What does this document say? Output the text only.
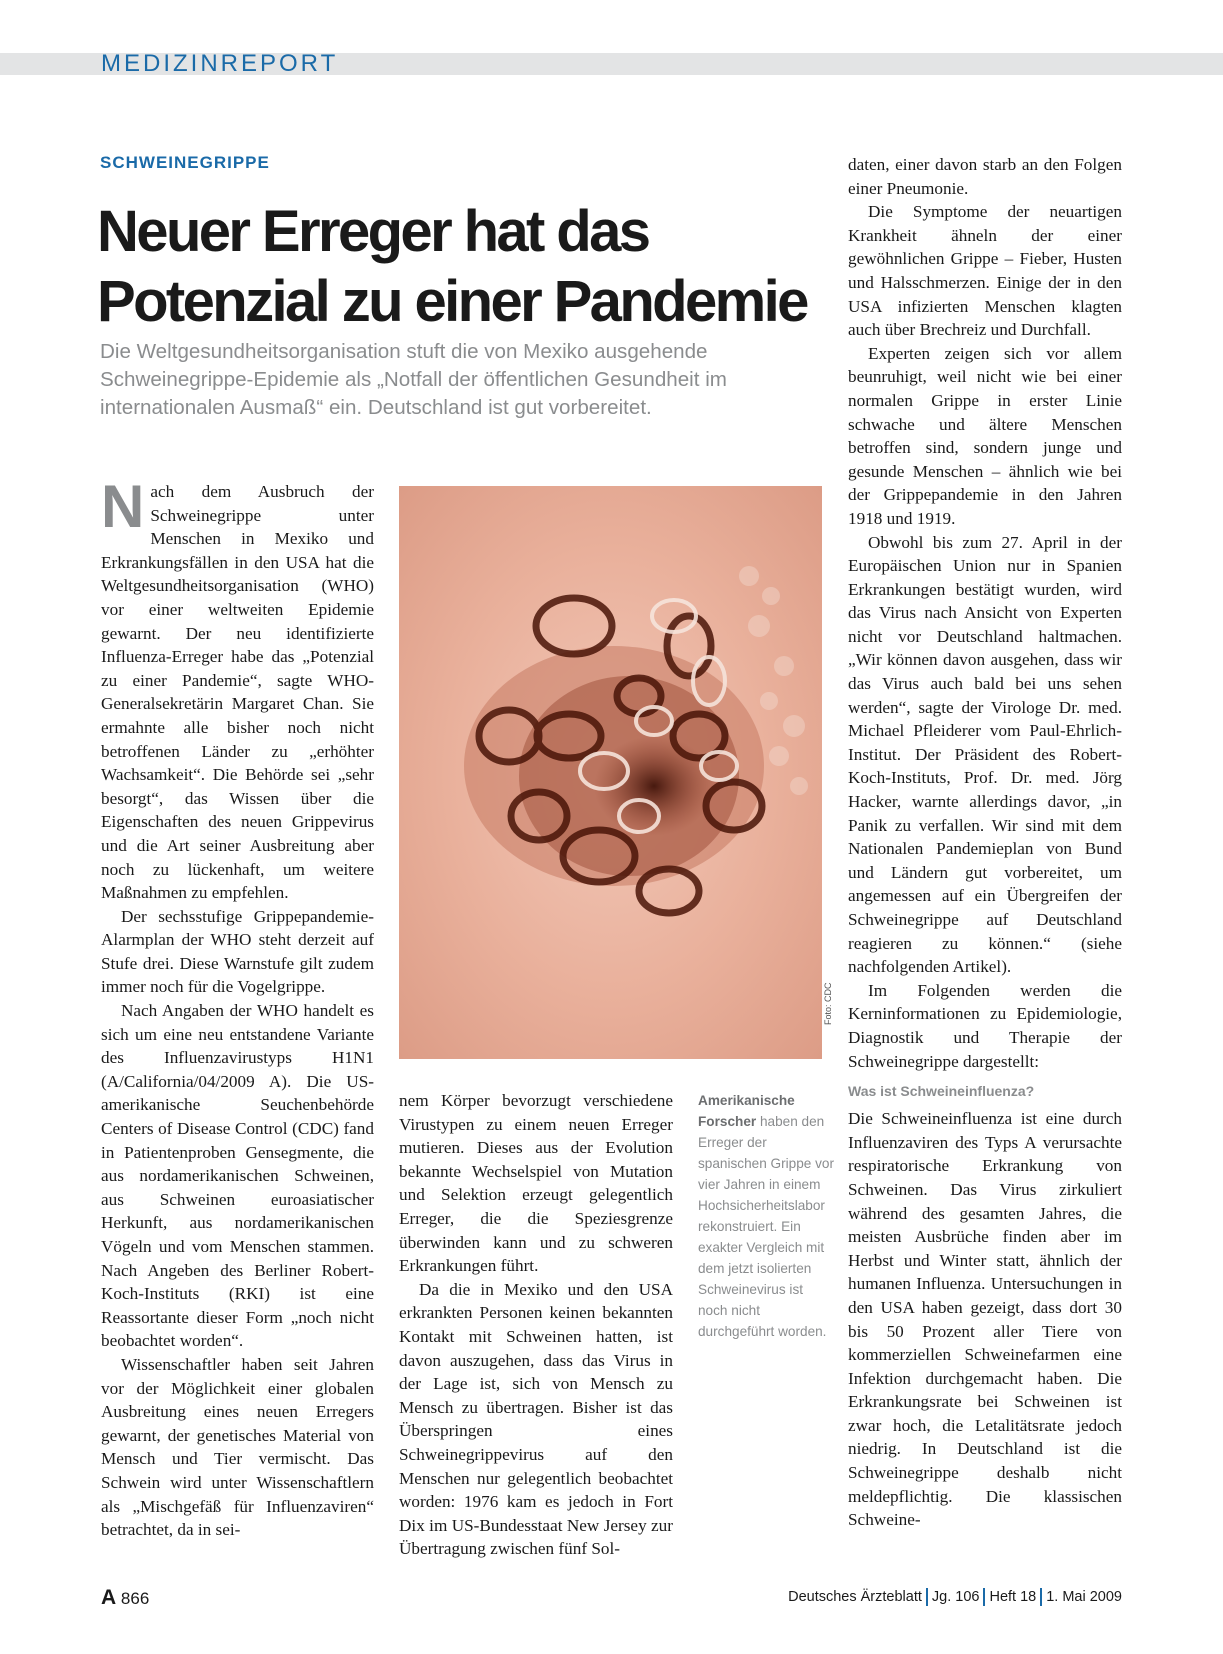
MEDIZINREPORT
SCHWEINEGRIPPE
Neuer Erreger hat das Potenzial zu einer Pandemie
Die Weltgesundheitsorganisation stuft die von Mexiko ausgehende Schweinegrippe-Epidemie als „Notfall der öffentlichen Gesundheit im internationalen Ausmaß“ ein. Deutschland ist gut vorbereitet.

Nach dem Ausbruch der Schweinegrippe unter Menschen in Mexiko und Erkrankungsfällen in den USA hat die Weltgesundheitsorganisation (WHO) vor einer weltweiten Epidemie gewarnt. Der neu identifizierte Influenza-Erreger habe das „Potenzial zu einer Pandemie“, sagte WHO-Generalsekretärin Margaret Chan. Sie ermahnte alle bisher noch nicht betroffenen Länder zu „erhöhter Wachsamkeit“. Die Behörde sei „sehr besorgt“, das Wissen über die Eigenschaften des neuen Grippevirus und die Art seiner Ausbreitung aber noch zu lückenhaft, um weitere Maßnahmen zu empfehlen.

Der sechsstufige Grippepandemie-Alarmplan der WHO steht derzeit auf Stufe drei. Diese Warnstufe gilt zudem immer noch für die Vogelgrippe.

Nach Angaben der WHO handelt es sich um eine neu entstandene Variante des Influenzavirustyps H1N1 (A/California/04/2009 A). Die US-amerikanische Seuchenbehörde Centers of Disease Control (CDC) fand in Patientenproben Gensegmente, die aus nordamerikanischen Schweinen, aus Schweinen euroasiatischer Herkunft, aus nordamerikanischen Vögeln und vom Menschen stammen. Nach Angeben des Berliner Robert-Koch-Instituts (RKI) ist eine Reassortante dieser Form „noch nicht beobachtet worden“.

Wissenschaftler haben seit Jahren vor der Möglichkeit einer globalen Ausbreitung eines neuen Erregers gewarnt, der genetisches Material von Mensch und Tier vermischt. Das Schwein wird unter Wissenschaftlern als „Mischgefäß für Influenzaviren“ betrachtet, da in sei-

Foto: CDC
Amerikanische Forscher haben den Erreger der spanischen Grippe vor vier Jahren in einem Hochsicherheitslabor rekonstruiert. Ein exakter Vergleich mit dem jetzt isolierten Schweinevirus ist noch nicht durchgeführt worden.

nem Körper bevorzugt verschiedene Virustypen zu einem neuen Erreger mutieren. Dieses aus der Evolution bekannte Wechselspiel von Mutation und Selektion erzeugt gelegentlich Erreger, die die Speziesgrenze überwinden kann und zu schweren Erkrankungen führt.

Da die in Mexiko und den USA erkrankten Personen keinen bekannten Kontakt mit Schweinen hatten, ist davon auszugehen, dass das Virus in der Lage ist, sich von Mensch zu Mensch zu übertragen. Bisher ist das Überspringen eines Schweinegrippevirus auf den Menschen nur gelegentlich beobachtet worden: 1976 kam es jedoch in Fort Dix im US-Bundesstaat New Jersey zur Übertragung zwischen fünf Sol-

daten, einer davon starb an den Folgen einer Pneumonie.

Die Symptome der neuartigen Krankheit ähneln der einer gewöhnlichen Grippe – Fieber, Husten und Halsschmerzen. Einige der in den USA infizierten Menschen klagten auch über Brechreiz und Durchfall.

Experten zeigen sich vor allem beunruhigt, weil nicht wie bei einer normalen Grippe in erster Linie schwache und ältere Menschen betroffen sind, sondern junge und gesunde Menschen – ähnlich wie bei der Grippepandemie in den Jahren 1918 und 1919.

Obwohl bis zum 27. April in der Europäischen Union nur in Spanien Erkrankungen bestätigt wurden, wird das Virus nach Ansicht von Experten nicht vor Deutschland haltmachen. „Wir können davon ausgehen, dass wir das Virus auch bald bei uns sehen werden“, sagte der Virologe Dr. med. Michael Pfleiderer vom Paul-Ehrlich-Institut. Der Präsident des Robert-Koch-Instituts, Prof. Dr. med. Jörg Hacker, warnte allerdings davor, „in Panik zu verfallen. Wir sind mit dem Nationalen Pandemieplan von Bund und Ländern gut vorbereitet, um angemessen auf ein Übergreifen der Schweinegrippe auf Deutschland reagieren zu können.“ (siehe nachfolgenden Artikel).

Im Folgenden werden die Kerninformationen zu Epidemiologie, Diagnostik und Therapie der Schweinegrippe dargestellt:

Was ist Schweineinfluenza?

Die Schweineinfluenza ist eine durch Influenzaviren des Typs A verursachte respiratorische Erkrankung von Schweinen. Das Virus zirkuliert während des gesamten Jahres, die meisten Ausbrüche finden aber im Herbst und Winter statt, ähnlich der humanen Influenza. Untersuchungen in den USA haben gezeigt, dass dort 30 bis 50 Prozent aller Tiere von kommerziellen Schweinefarmen eine Infektion durchgemacht haben. Die Erkrankungsrate bei Schweinen ist zwar hoch, die Letalitätsrate jedoch niedrig. In Deutschland ist die Schweinegrippe deshalb nicht meldepflichtig. Die klassischen Schweine-

A 866	Deutsches Ärzteblatt Jg. 106 Heft 18 1. Mai 2009
